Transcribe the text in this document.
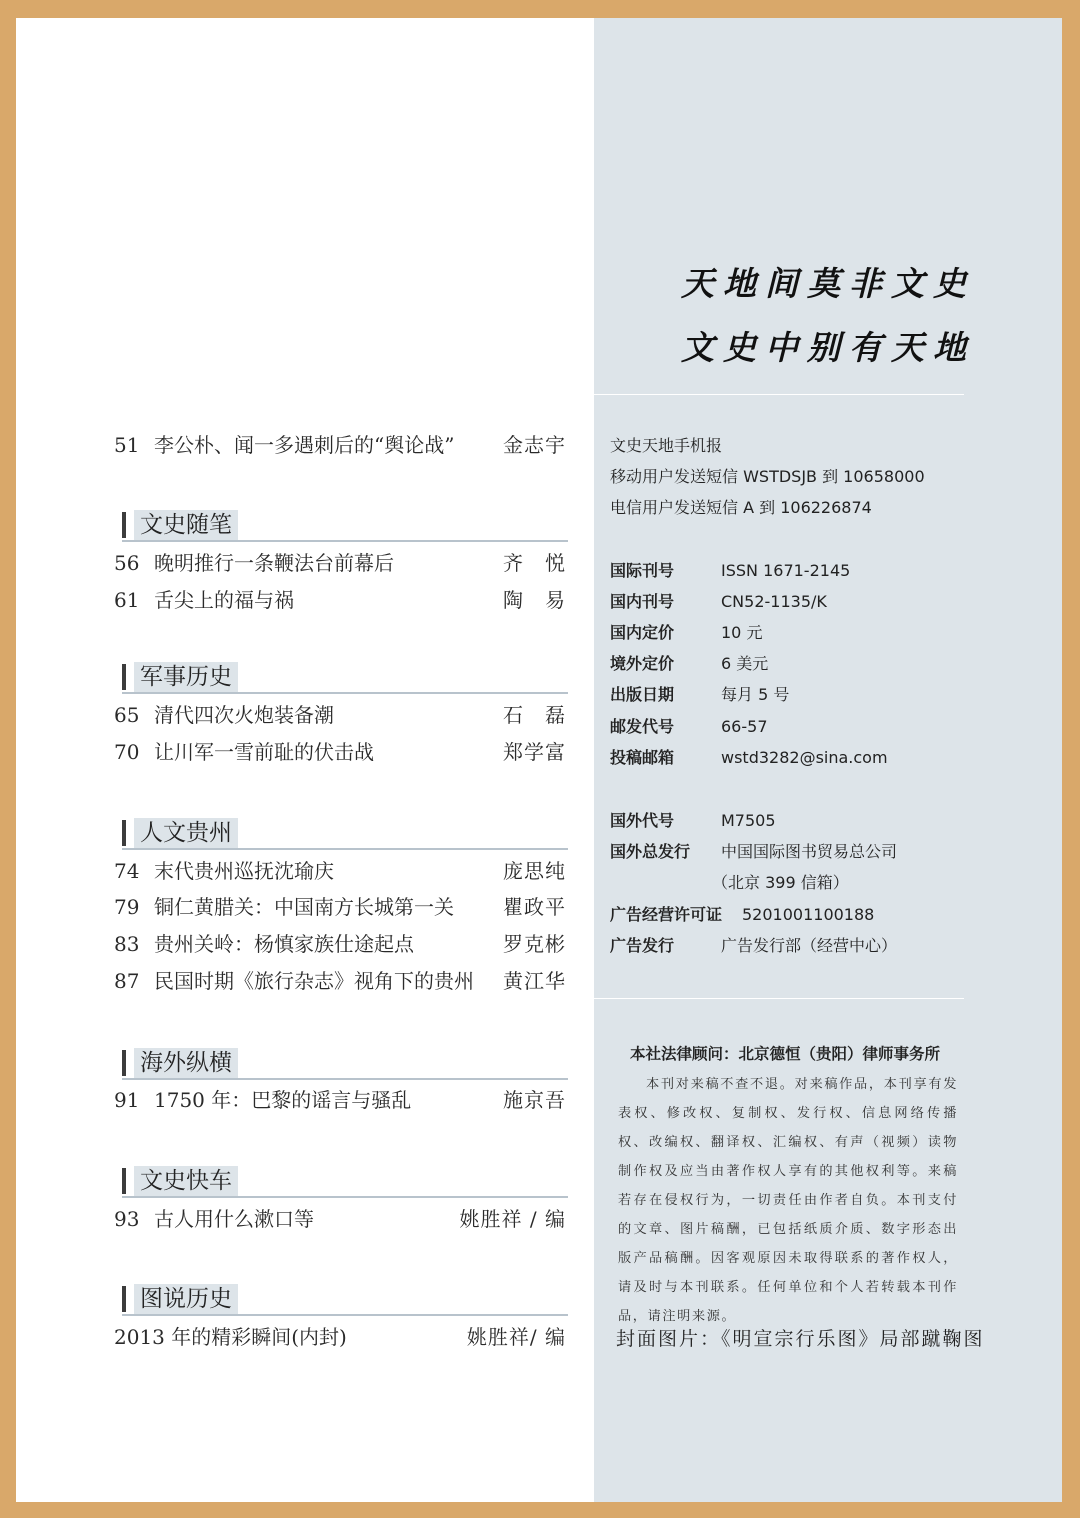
51 李公朴、闻一多遇刺后的“舆论战” 金志宇
文史随笔
56 晚明推行一条鞭法台前幕后	齐　悦
61 舌尖上的福与祸	陶　易
军事历史
65 清代四次火炮装备潮	石　磊
70 让川军一雪前耻的伏击战	郑学富
人文贵州
74 末代贵州巡抚沈瑜庆	庞思纯
79 铜仁黄腊关：中国南方长城第一关 瞿政平
83 贵州关岭：杨慎家族仕途起点	罗克彬
87 民国时期《旅行杂志》视角下的贵州 黄江华
海外纵横
91 1750 年：巴黎的谣言与骚乱	施京吾
文史快车
93 古人用什么漱口等	姚胜祥 / 编
图说历史
2013 年的精彩瞬间(内封)	姚胜祥/ 编
天地间莫非文史
文史中别有天地
文史天地手机报
移动用户发送短信 WSTDSJB 到 10658000
电信用户发送短信 A 到 106226874
国际刊号	ISSN 1671-2145
国内刊号	CN52-1135/K
国内定价	10 元
境外定价	6 美元
出版日期	每月 5 号
邮发代号	66-57
投稿邮箱	wstd3282@sina.com
国外代号	M7505
国外总发行 中国国际图书贸易总公司
（北京 399 信箱）
广告经营许可证 5201001100188
广告发行	广告发行部（经营中心）
本社法律顾问：北京德恒（贵阳）律师事务所
本刊对来稿不查不退。对来稿作品，本刊享有发表权、修改权、复制权、发行权、信息网络传播权、改编权、翻译权、汇编权、有声（视频）读物制作权及应当由著作权人享有的其他权利等。来稿若存在侵权行为，一切责任由作者自负。本刊支付的文章、图片稿酬，已包括纸质介质、数字形态出版产品稿酬。因客观原因未取得联系的著作权人，请及时与本刊联系。任何单位和个人若转载本刊作品，请注明来源。
封面图片：《明宣宗行乐图》局部蹴鞠图
